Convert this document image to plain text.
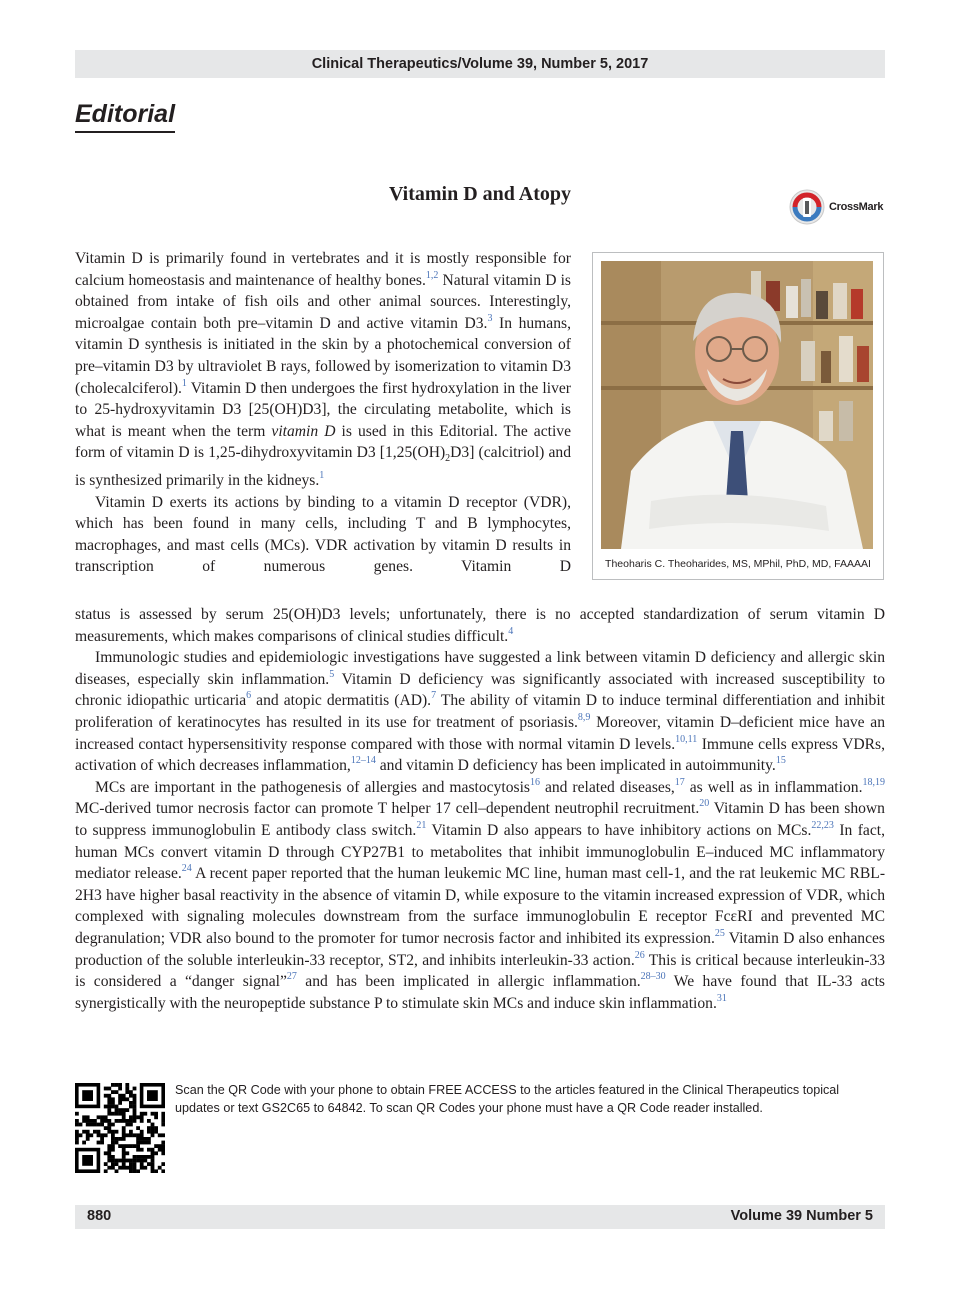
Clinical Therapeutics/Volume 39, Number 5, 2017
Editorial
Vitamin D and Atopy
CrossMark
Theoharis C. Theoharides, MS, MPhil, PhD, MD, FAAAAI

Vitamin D is primarily found in vertebrates and it is mostly responsible for calcium homeostasis and maintenance of healthy bones.$^{1,2}$ Natural vitamin D is obtained from intake of fish oils and other animal sources. Interestingly, microalgae contain both pre–vitamin D and active vitamin D3.$^3$ In humans, vitamin D synthesis is initiated in the skin by a photochemical conversion of pre–vitamin D3 by ultraviolet B rays, followed by isomerization to vitamin D3 (cholecalciferol).$^1$ Vitamin D then undergoes the first hydroxylation in the liver to 25-hydroxyvitamin D3 [25(OH)D3], the circulating metabolite, which is what is meant when the term vitamin D is used in this Editorial. The active form of vitamin D is 1,25-dihydroxyvitamin D3 $[1,25(OH)_2D3]$ (calcitriol) and is synthesized primarily in the kidneys.$^1$

Vitamin D exerts its actions by binding to a vitamin D receptor (VDR), which has been found in many cells, including T and B lymphocytes, macrophages, and mast cells (MCs). VDR activation by vitamin D results in transcription of numerous genes. Vitamin D

status is assessed by serum 25(OH)D3 levels; unfortunately, there is no accepted standardization of serum vitamin D measurements, which makes comparisons of clinical studies difficult.$^4$

Immunologic studies and epidemiologic investigations have suggested a link between vitamin D deficiency and allergic skin diseases, especially skin inflammation.$^5$ Vitamin D deficiency was significantly associated with increased susceptibility to chronic idiopathic urticaria$^6$ and atopic dermatitis (AD).$^7$ The ability of vitamin D to induce terminal differentiation and inhibit proliferation of keratinocytes has resulted in its use for treatment of psoriasis.$^{8,9}$ Moreover, vitamin D–deficient mice have an increased contact hypersensitivity response compared with those with normal vitamin D levels.$^{10,11}$ Immune cells express VDRs, activation of which decreases inflammation,$^{12-14}$ and vitamin D deficiency has been implicated in autoimmunity.$^{15}$

MCs are important in the pathogenesis of allergies and mastocytosis$^{16}$ and related diseases,$^{17}$ as well as in inflammation.$^{18,19}$ MC-derived tumor necrosis factor can promote T helper 17 cell–dependent neutrophil recruitment.$^{20}$ Vitamin D has been shown to suppress immunoglobulin E antibody class switch.$^{21}$ Vitamin D also appears to have inhibitory actions on MCs.$^{22,23}$ In fact, human MCs convert vitamin D through CYP27B1 to metabolites that inhibit immunoglobulin E–induced MC inflammatory mediator release.$^{24}$ A recent paper reported that the human leukemic MC line, human mast cell-1, and the rat leukemic MC RBL-2H3 have higher basal reactivity in the absence of vitamin D, while exposure to the vitamin increased expression of VDR, which complexed with signaling molecules downstream from the surface immunoglobulin E receptor FcεRI and prevented MC degranulation; VDR also bound to the promoter for tumor necrosis factor and inhibited its expression.$^{25}$ Vitamin D also enhances production of the soluble interleukin-33 receptor, ST2, and inhibits interleukin-33 action.$^{26}$ This is critical because interleukin-33 is considered a “danger signal”$^{27}$ and has been implicated in allergic inflammation.$^{28-30}$ We have found that IL-33 acts synergistically with the neuropeptide substance P to stimulate skin MCs and induce skin inflammation.$^{31}$

Scan the QR Code with your phone to obtain FREE ACCESS to the articles featured in the Clinical Therapeutics topical updates or text GS2C65 to 64842. To scan QR Codes your phone must have a QR Code reader installed.
880	Volume 39 Number 5
